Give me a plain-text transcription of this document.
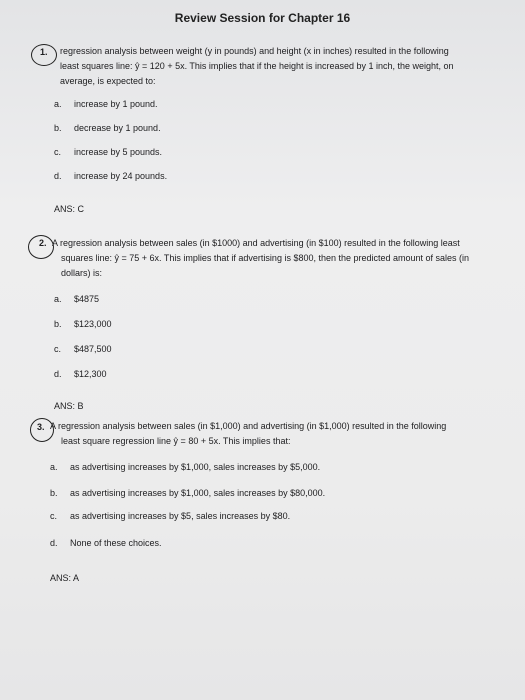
Review Session for Chapter 16
1. regression analysis between weight (y in pounds) and height (x in inches) resulted in the following
least squares line: ŷ = 120 + 5x. This implies that if the height is increased by 1 inch, the weight, on
average, is expected to:
a. increase by 1 pound.
b. decrease by 1 pound.
c. increase by 5 pounds.
d. increase by 24 pounds.
ANS: C
2. A regression analysis between sales (in $1000) and advertising (in $100) resulted in the following least
squares line: ŷ = 75 + 6x. This implies that if advertising is $800, then the predicted amount of sales (in
dollars) is:
a. $4875
b. $123,000
c. $487,500
d. $12,300
ANS: B
3. A regression analysis between sales (in $1,000) and advertising (in $1,000) resulted in the following
least square regression line ŷ = 80 + 5x. This implies that:
a. as advertising increases by $1,000, sales increases by $5,000.
b. as advertising increases by $1,000, sales increases by $80,000.
c. as advertising increases by $5, sales increases by $80.
d. None of these choices.
ANS: A
